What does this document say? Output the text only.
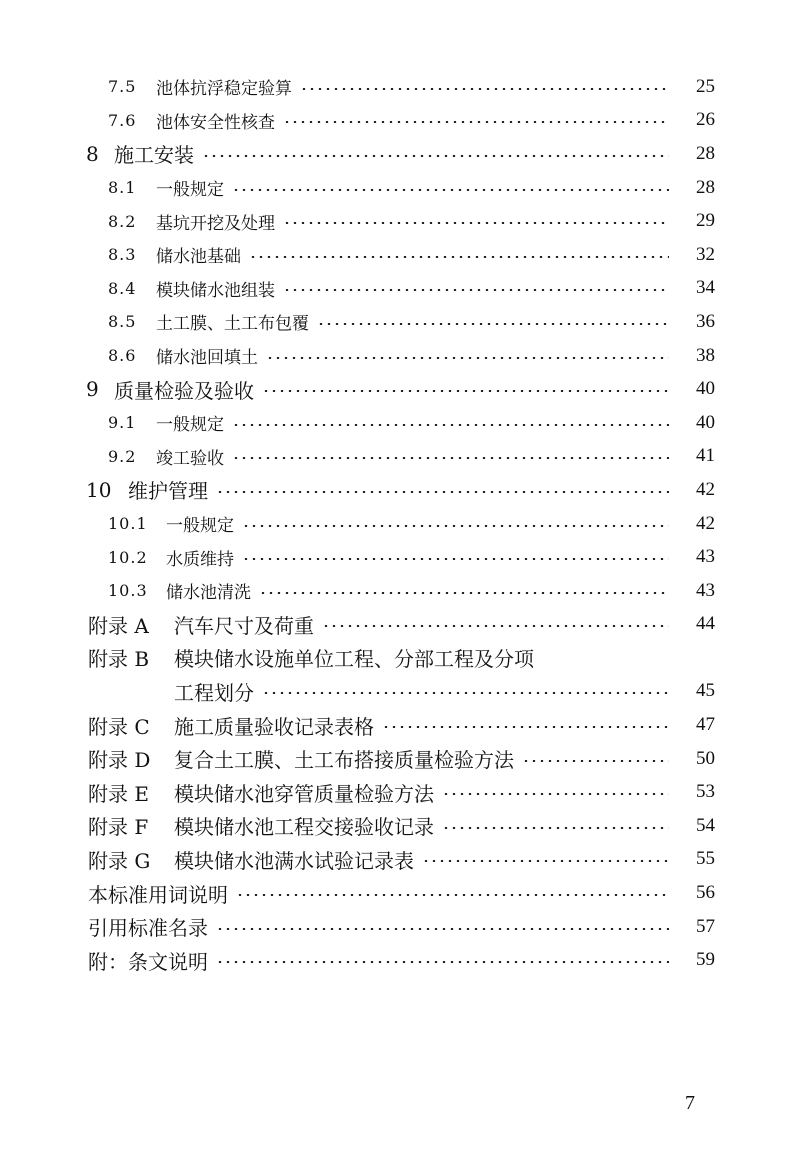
7.5	池体抗浮稳定验算	25
7.6	池体安全性核查	26
8 施工安装	28
8.1	一般规定	28
8.2	基坑开挖及处理	29
8.3	储水池基础	32
8.4	模块储水池组装	34
8.5	土工膜、土工布包覆	36
8.6	储水池回填土	38
9 质量检验及验收	40
9.1	一般规定	40
9.2	竣工验收	41
10 维护管理	42
10.1	一般规定	42
10.2	水质维持	43
10.3	储水池清洗	43
附录 A	汽车尺寸及荷重	44
附录 B	模块储水设施单位工程、分部工程及分项
工程划分	45
附录 C	施工质量验收记录表格	47
附录 D	复合土工膜、土工布搭接质量检验方法	50
附录 E	模块储水池穿管质量检验方法	53
附录 F	模块储水池工程交接验收记录	54
附录 G	模块储水池满水试验记录表	55
本标准用词说明	56
引用标准名录	57
附：条文说明	59
7
